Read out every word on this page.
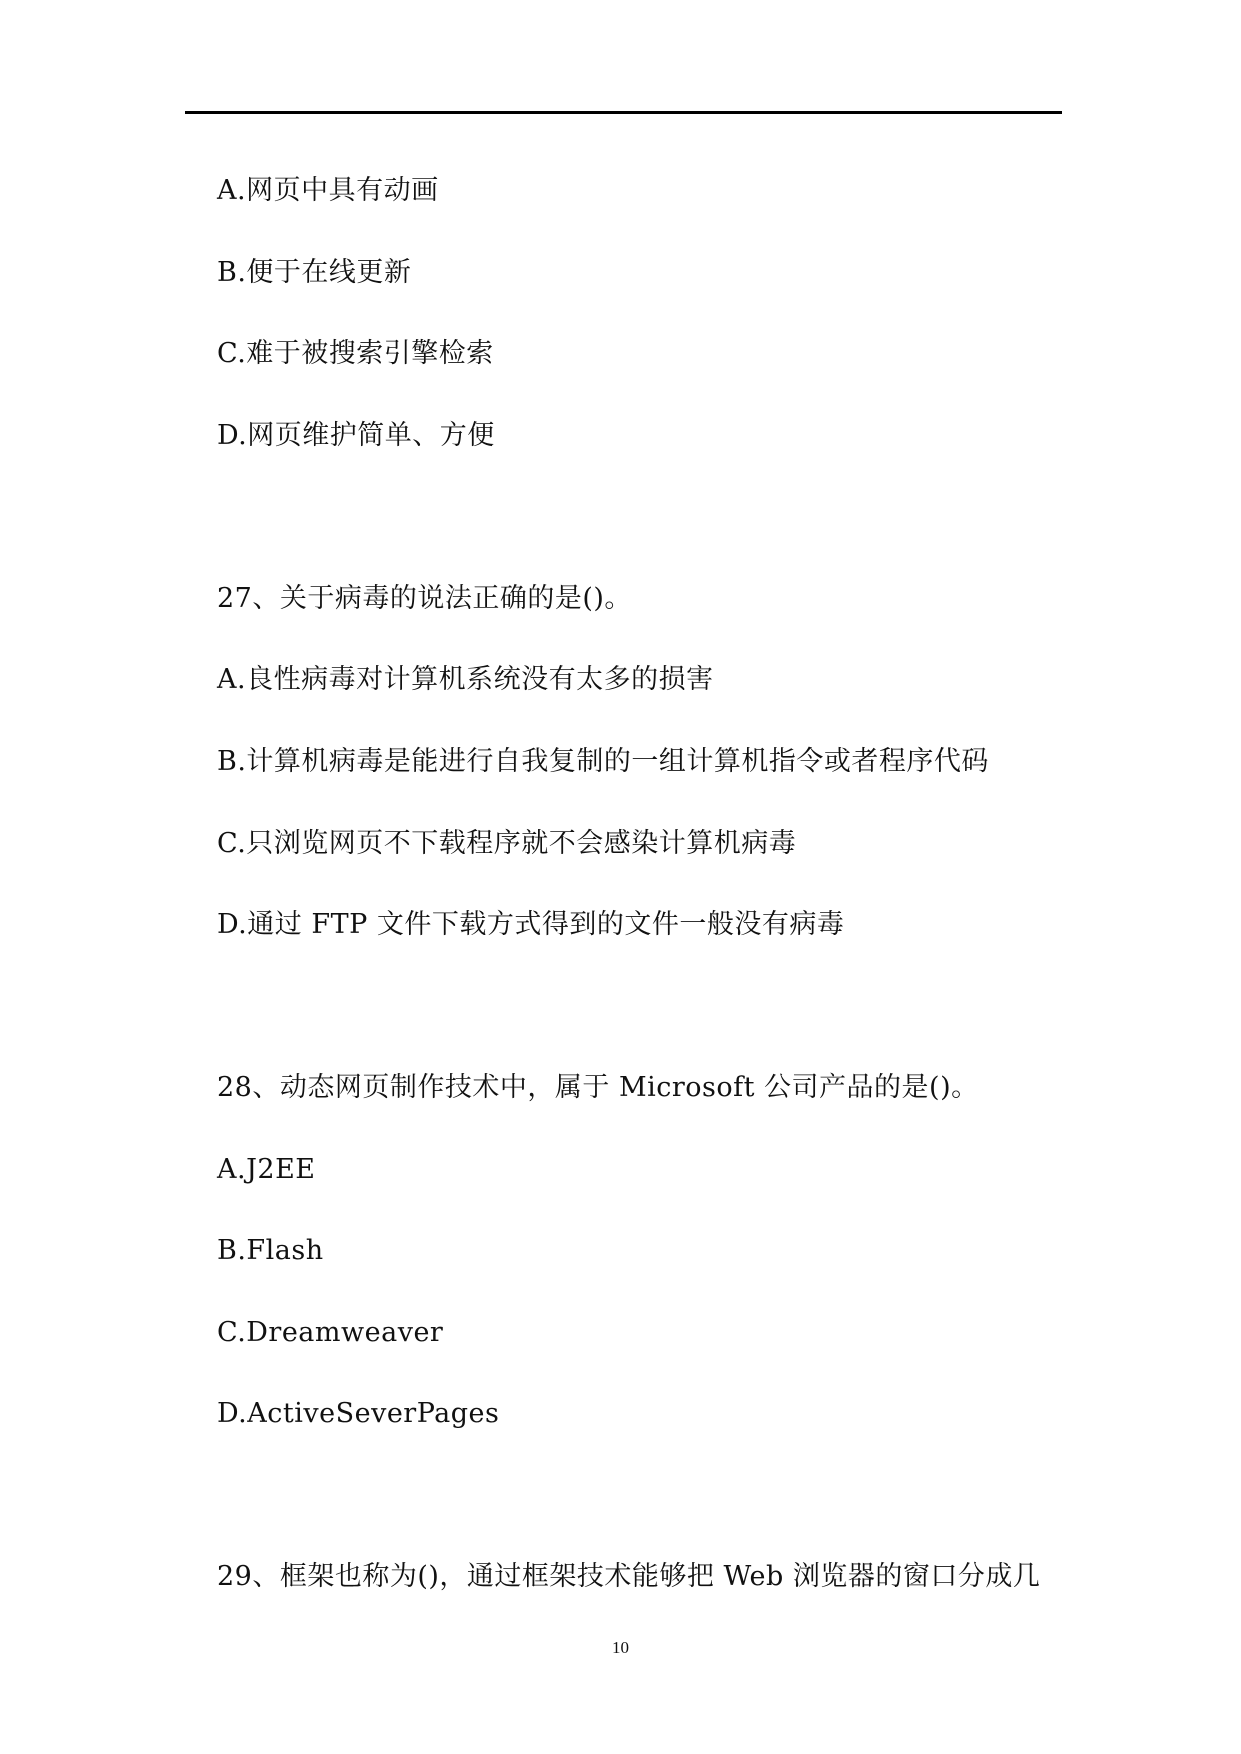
A.网页中具有动画
B.便于在线更新
C.难于被搜索引擎检索
D.网页维护简单、方便
27、关于病毒的说法正确的是()。
A.良性病毒对计算机系统没有太多的损害
B.计算机病毒是能进行自我复制的一组计算机指令或者程序代码
C.只浏览网页不下载程序就不会感染计算机病毒
D.通过 FTP 文件下载方式得到的文件一般没有病毒
28、动态网页制作技术中，属于 Microsoft 公司产品的是()。
A.J2EE
B.Flash
C.Dreamweaver
D.ActiveSeverPages
29、框架也称为()，通过框架技术能够把 Web 浏览器的窗口分成几
10
